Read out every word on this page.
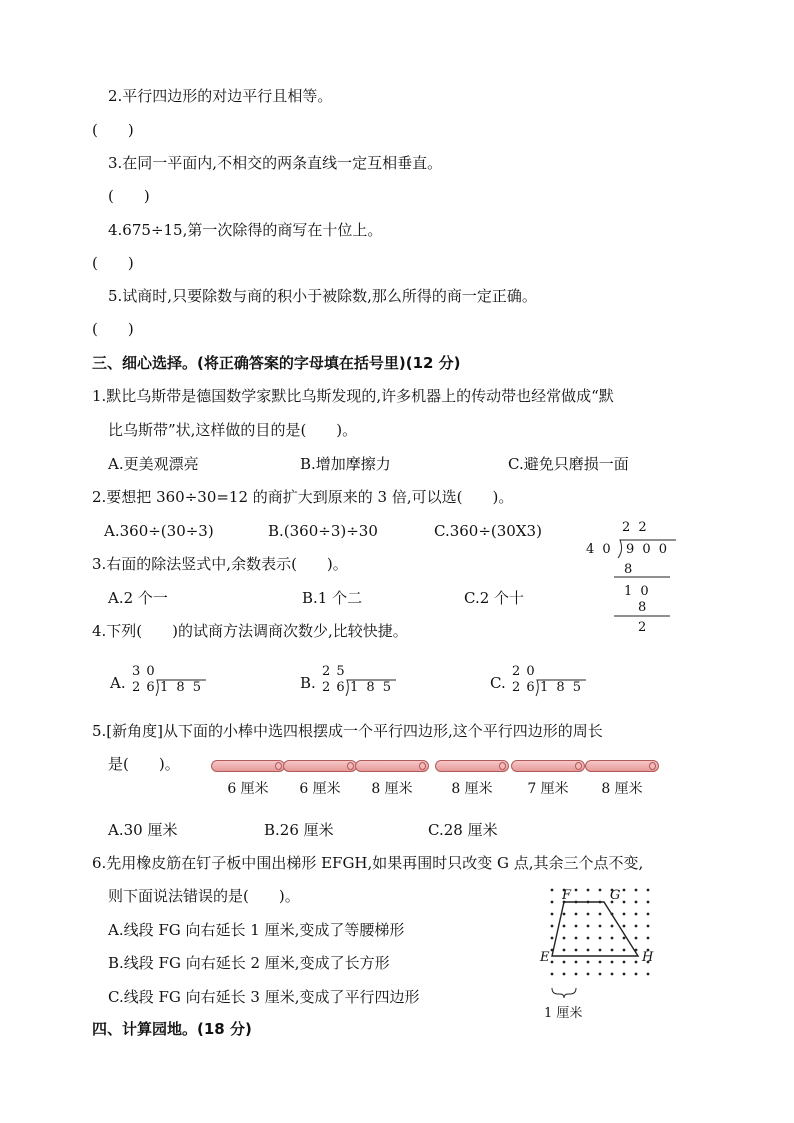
2.平行四边形的对边平行且相等。
(　　)
3.在同一平面内,不相交的两条直线一定互相垂直。
(　　)
4.675÷15,第一次除得的商写在十位上。
(　　)
5.试商时,只要除数与商的积小于被除数,那么所得的商一定正确。
(　　)
三、细心选择。(将正确答案的字母填在括号里)(12 分)
1.默比乌斯带是德国数学家默比乌斯发现的,许多机器上的传动带也经常做成“默
比乌斯带”状,这样做的目的是(　　)。
A.更美观漂亮	B.增加摩擦力	C.避免只磨损一面
2.要想把 360÷30=12 的商扩大到原来的 3 倍,可以选(　　)。
A.360÷(30÷3)	B.(360÷3)÷30	C.360÷(30X3)	2 2
4 0 9 0 0
8
1 0
8
2
3.右面的除法竖式中,余数表示(　　)。
A.2 个一	B.1 个二	C.2 个十
4.下列(　　)的试商方法调商次数少,比较快捷。
A.
3 0
2 6 1 8 5	B.
2 5
2 6 1 8 5	C.
2 0
2 6 1 8 5
5.[新角度]从下面的小棒中选四根摆成一个平行四边形,这个平行四边形的周长
是(　　)。
6 厘米	6 厘米	8 厘米	8 厘米	7 厘米	8 厘米
A.30 厘米	B.26 厘米	C.28 厘米
6.先用橡皮筋在钉子板中围出梯形 EFGH,如果再围时只改变 G 点,其余三个点不变,
则下面说法错误的是(　　)。
A.线段 FG 向右延长 1 厘米,变成了等腰梯形
B.线段 FG 向右延长 2 厘米,变成了长方形
C.线段 FG 向右延长 3 厘米,变成了平行四边形
F	G
E	H
1 厘米
四、计算园地。(18 分)
